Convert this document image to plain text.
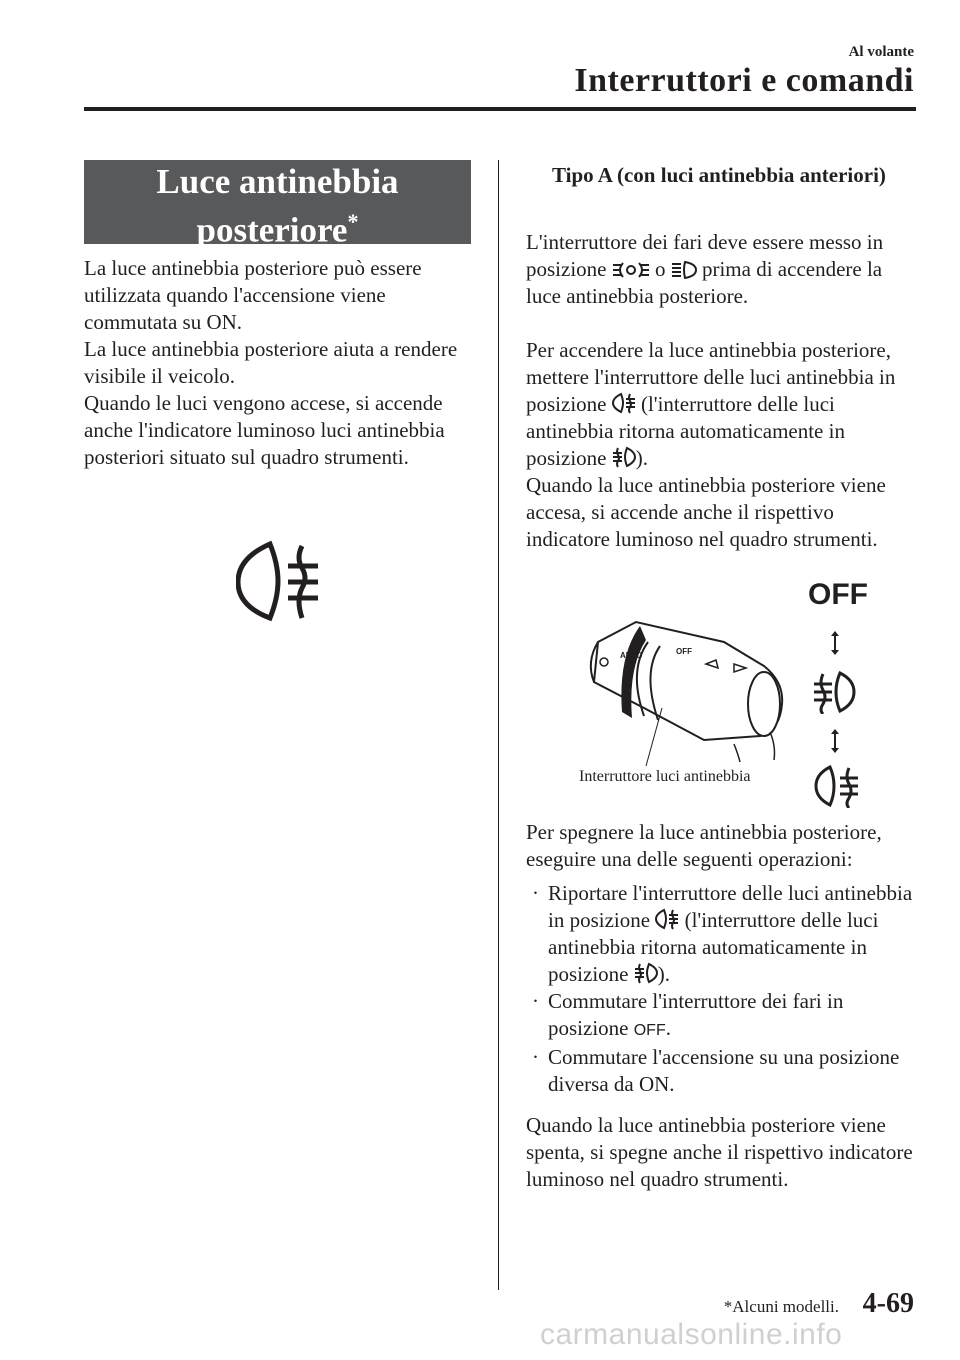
Al volante
Interruttori e comandi
Luce antinebbia
posteriore*
La luce antinebbia posteriore può essere utilizzata quando l'accensione viene commutata su ON.
La luce antinebbia posteriore aiuta a rendere visibile il veicolo.
Quando le luci vengono accese, si accende anche l'indicatore luminoso luci antinebbia posteriori situato sul quadro strumenti.
Tipo A (con luci antinebbia anteriori)
L'interruttore dei fari deve essere messo in posizione  o  prima di accendere la luce antinebbia posteriore.
Per accendere la luce antinebbia posteriore, mettere l'interruttore delle luci antinebbia in posizione  (l'interruttore delle luci antinebbia ritorna automaticamente in posizione ).
Quando la luce antinebbia posteriore viene accesa, si accende anche il rispettivo indicatore luminoso nel quadro strumenti.
OFF
AUTO	OFF
Interruttore luci antinebbia
Per spegnere la luce antinebbia posteriore, eseguire una delle seguenti operazioni:
· Riportare l'interruttore delle luci antinebbia in posizione  (l'interruttore delle luci antinebbia ritorna automaticamente in posizione ).
· Commutare l'interruttore dei fari in posizione OFF.
· Commutare l'accensione su una posizione diversa da ON.
Quando la luce antinebbia posteriore viene spenta, si spegne anche il rispettivo indicatore luminoso nel quadro strumenti.
*Alcuni modelli. 4-69
carmanualsonline.info
